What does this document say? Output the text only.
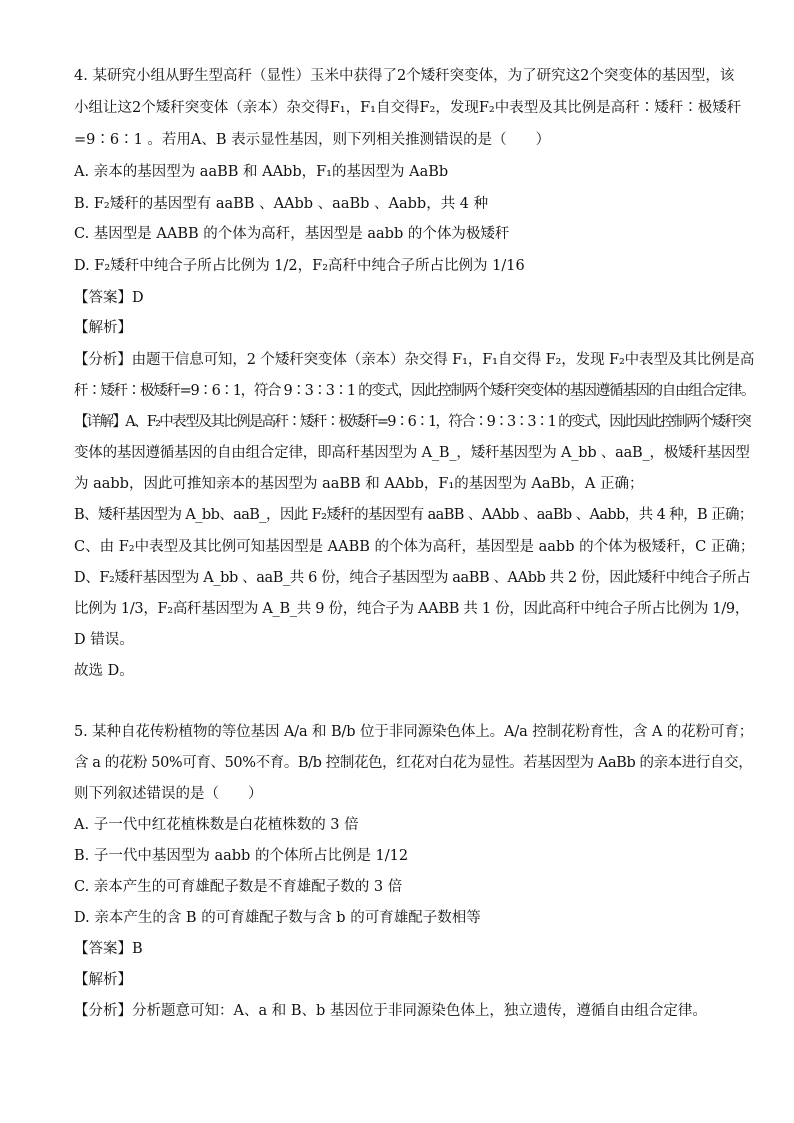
4. 某研究小组从野生型高秆（显性）玉米中获得了2个矮秆突变体，为了研究这2个突变体的基因型，该
小组让这2个矮秆突变体（亲本）杂交得F₁，F₁自交得F₂，发现F₂中表型及其比例是高秆∶矮秆∶极矮秆
=9∶6∶1 。若用A、B 表示显性基因，则下列相关推测错误的是（　　）
A. 亲本的基因型为 aaBB 和 AAbb，F₁的基因型为 AaBb
B. F₂矮秆的基因型有 aaBB 、AAbb 、aaBb 、Aabb，共 4 种
C. 基因型是 AABB 的个体为高秆，基因型是 aabb 的个体为极矮秆
D. F₂矮秆中纯合子所占比例为 1/2，F₂高秆中纯合子所占比例为 1/16
【答案】D
【解析】
【分析】由题干信息可知，2 个矮秆突变体（亲本）杂交得 F₁，F₁自交得 F₂，发现 F₂中表型及其比例是高
秆∶矮秆∶极矮秆=9∶6∶1，符合 9∶3∶3∶1 的变式，因此控制两个矮秆突变体的基因遵循基因的自由组合定律。
【详解】A、F₂中表型及其比例是高秆∶矮秆∶极矮秆=9∶6∶1，符合∶9∶3∶3∶1 的变式，因此因此控制两个矮秆突
变体的基因遵循基因的自由组合定律，即高秆基因型为 A_B_，矮秆基因型为 A_bb 、aaB_，极矮秆基因型
为 aabb，因此可推知亲本的基因型为 aaBB 和 AAbb，F₁的基因型为 AaBb，A 正确；
B、矮秆基因型为 A_bb、aaB_，因此 F₂矮秆的基因型有 aaBB 、AAbb 、aaBb 、Aabb，共 4 种，B 正确；
C、由 F₂中表型及其比例可知基因型是 AABB 的个体为高秆，基因型是 aabb 的个体为极矮秆，C 正确；
D、F₂矮秆基因型为 A_bb 、aaB_共 6 份，纯合子基因型为 aaBB 、AAbb 共 2 份，因此矮秆中纯合子所占
比例为 1/3，F₂高秆基因型为 A_B_共 9 份，纯合子为 AABB 共 1 份，因此高秆中纯合子所占比例为 1/9，
D 错误。
故选 D。
5. 某种自花传粉植物的等位基因 A/a 和 B/b 位于非同源染色体上。A/a 控制花粉育性，含 A 的花粉可育；
含 a 的花粉 50%可育、50%不育。B/b 控制花色，红花对白花为显性。若基因型为 AaBb 的亲本进行自交，
则下列叙述错误的是（　　）
A. 子一代中红花植株数是白花植株数的 3 倍
B. 子一代中基因型为 aabb 的个体所占比例是 1/12
C. 亲本产生的可育雄配子数是不育雄配子数的 3 倍
D. 亲本产生的含 B 的可育雄配子数与含 b 的可育雄配子数相等
【答案】B
【解析】
【分析】分析题意可知：A、a 和 B、b 基因位于非同源染色体上，独立遗传，遵循自由组合定律。
